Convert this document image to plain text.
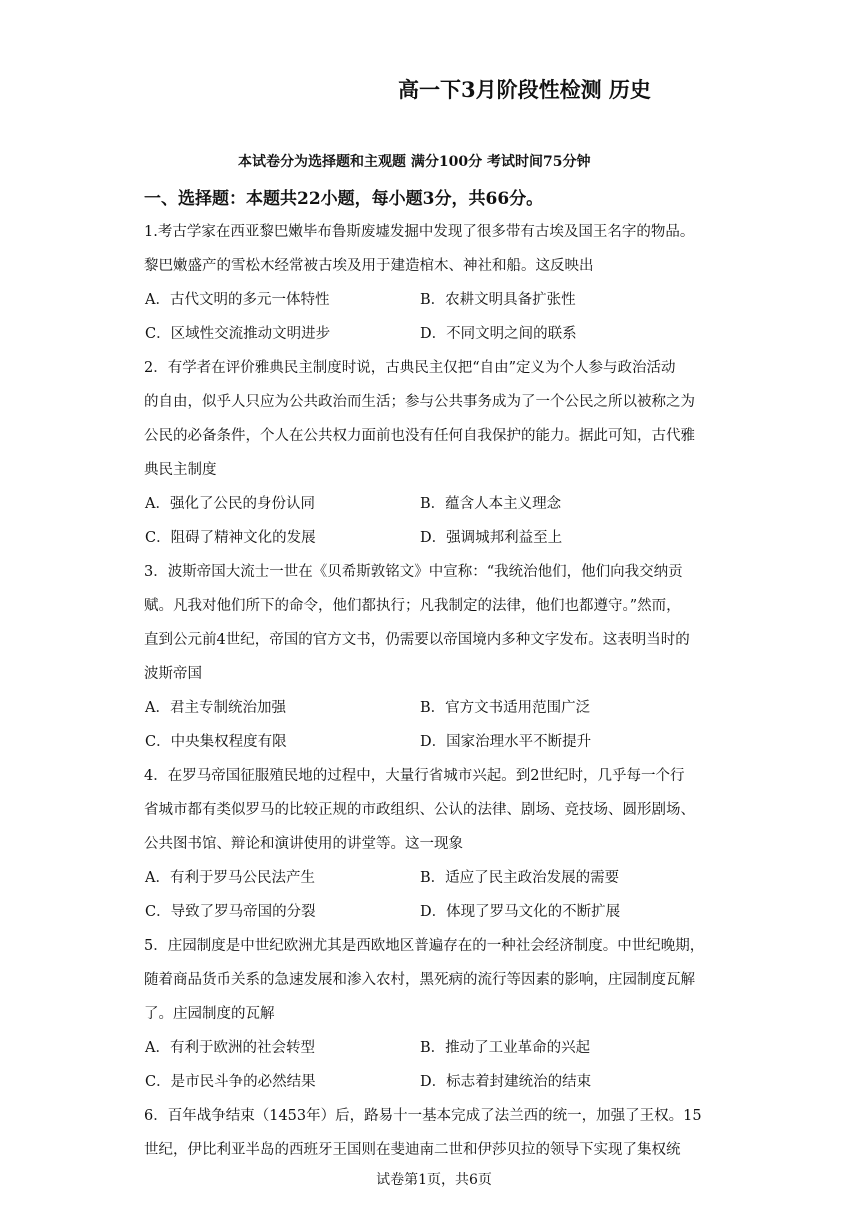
高一下3月阶段性检测 历史
本试卷分为选择题和主观题 满分100分 考试时间75分钟
一、选择题：本题共22小题，每小题3分，共66分。
1.考古学家在西亚黎巴嫩毕布鲁斯废墟发掘中发现了很多带有古埃及国王名字的物品。
黎巴嫩盛产的雪松木经常被古埃及用于建造棺木、神社和船。这反映出
A．古代文明的多元一体特性	B．农耕文明具备扩张性
C．区域性交流推动文明进步	D．不同文明之间的联系
2．有学者在评价雅典民主制度时说，古典民主仅把“自由”定义为个人参与政治活动
的自由，似乎人只应为公共政治而生活；参与公共事务成为了一个公民之所以被称之为
公民的必备条件，个人在公共权力面前也没有任何自我保护的能力。据此可知，古代雅
典民主制度
A．强化了公民的身份认同	B．蕴含人本主义理念
C．阻碍了精神文化的发展	D．强调城邦利益至上
3．波斯帝国大流士一世在《贝希斯敦铭文》中宣称：“我统治他们，他们向我交纳贡
赋。凡我对他们所下的命令，他们都执行；凡我制定的法律，他们也都遵守。”然而，
直到公元前4世纪，帝国的官方文书，仍需要以帝国境内多种文字发布。这表明当时的
波斯帝国
A．君主专制统治加强	B．官方文书适用范围广泛
C．中央集权程度有限	D．国家治理水平不断提升
4．在罗马帝国征服殖民地的过程中，大量行省城市兴起。到2世纪时，几乎每一个行
省城市都有类似罗马的比较正规的市政组织、公认的法律、剧场、竞技场、圆形剧场、
公共图书馆、辩论和演讲使用的讲堂等。这一现象
A．有利于罗马公民法产生	B．适应了民主政治发展的需要
C．导致了罗马帝国的分裂	D．体现了罗马文化的不断扩展
5．庄园制度是中世纪欧洲尤其是西欧地区普遍存在的一种社会经济制度。中世纪晚期，
随着商品货币关系的急速发展和渗入农村，黑死病的流行等因素的影响，庄园制度瓦解
了。庄园制度的瓦解
A．有利于欧洲的社会转型	B．推动了工业革命的兴起
C．是市民斗争的必然结果	D．标志着封建统治的结束
6．百年战争结束（1453年）后，路易十一基本完成了法兰西的统一，加强了王权。15
世纪，伊比利亚半岛的西班牙王国则在斐迪南二世和伊莎贝拉的领导下实现了集权统
试卷第1页，共6页
